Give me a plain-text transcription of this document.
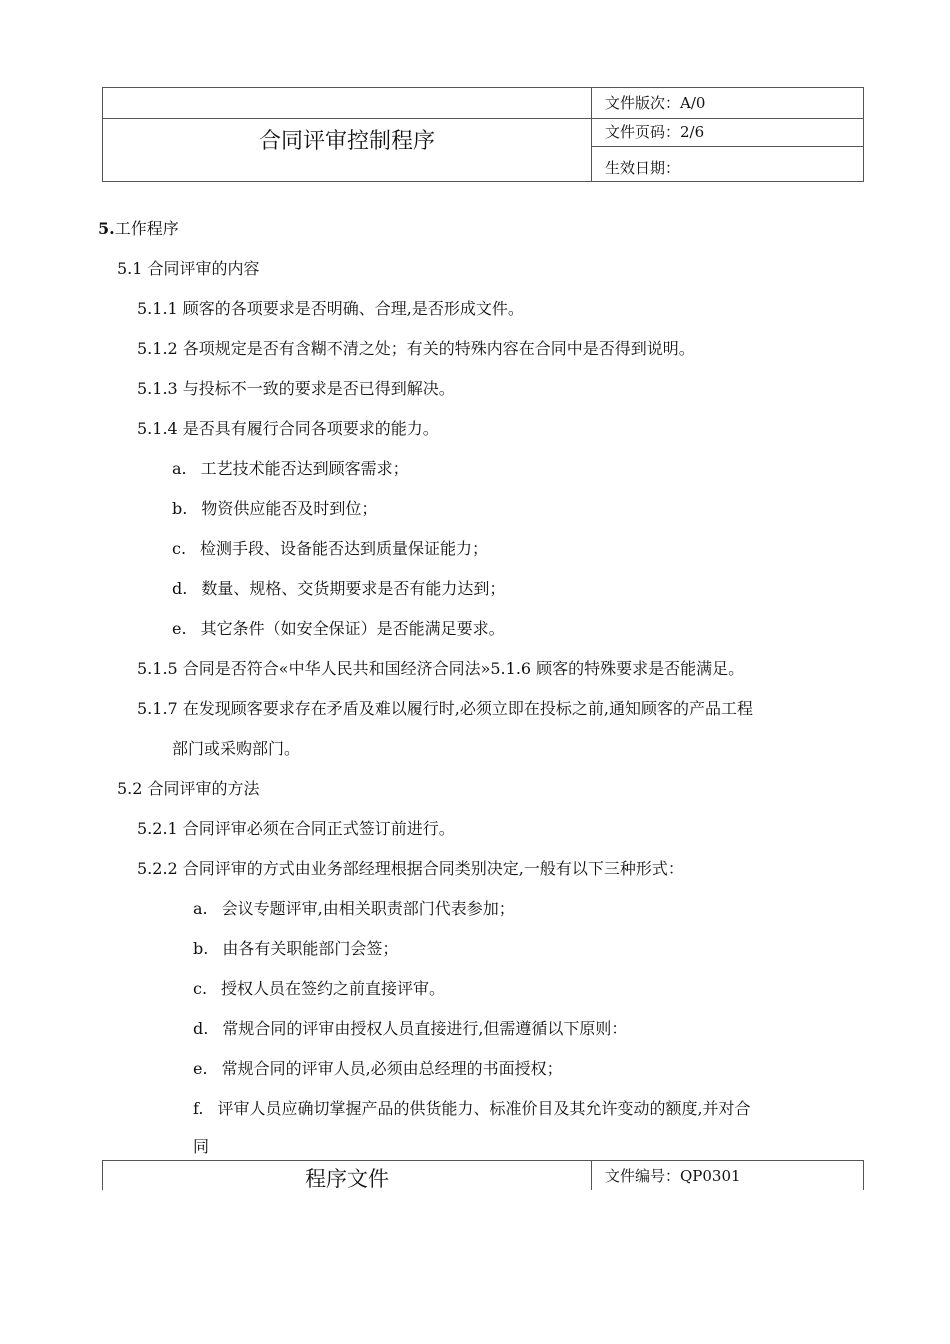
合同评审控制程序
文件版次：A/0
文件页码：2/6
生效日期：
5.工作程序
5.1 合同评审的内容
5.1.1 顾客的各项要求是否明确、合理,是否形成文件。
5.1.2 各项规定是否有含糊不清之处；有关的特殊内容在合同中是否得到说明。
5.1.3 与投标不一致的要求是否已得到解决。
5.1.4 是否具有履行合同各项要求的能力。
a. 工艺技术能否达到顾客需求；
b. 物资供应能否及时到位；
c. 检测手段、设备能否达到质量保证能力；
d. 数量、规格、交货期要求是否有能力达到；
e. 其它条件（如安全保证）是否能满足要求。
5.1.5 合同是否符合«中华人民共和国经济合同法»5.1.6 顾客的特殊要求是否能满足。
5.1.7 在发现顾客要求存在矛盾及难以履行时,必须立即在投标之前,通知顾客的产品工程
部门或采购部门。
5.2 合同评审的方法
5.2.1 合同评审必须在合同正式签订前进行。
5.2.2 合同评审的方式由业务部经理根据合同类别决定,一般有以下三种形式：
a. 会议专题评审,由相关职责部门代表参加；
b. 由各有关职能部门会签；
c. 授权人员在签约之前直接评审。
d. 常规合同的评审由授权人员直接进行,但需遵循以下原则：
e. 常规合同的评审人员,必须由总经理的书面授权；
f. 评审人员应确切掌握产品的供货能力、标准价目及其允许变动的额度,并对合
同
程序文件	文件编号：QP0301
